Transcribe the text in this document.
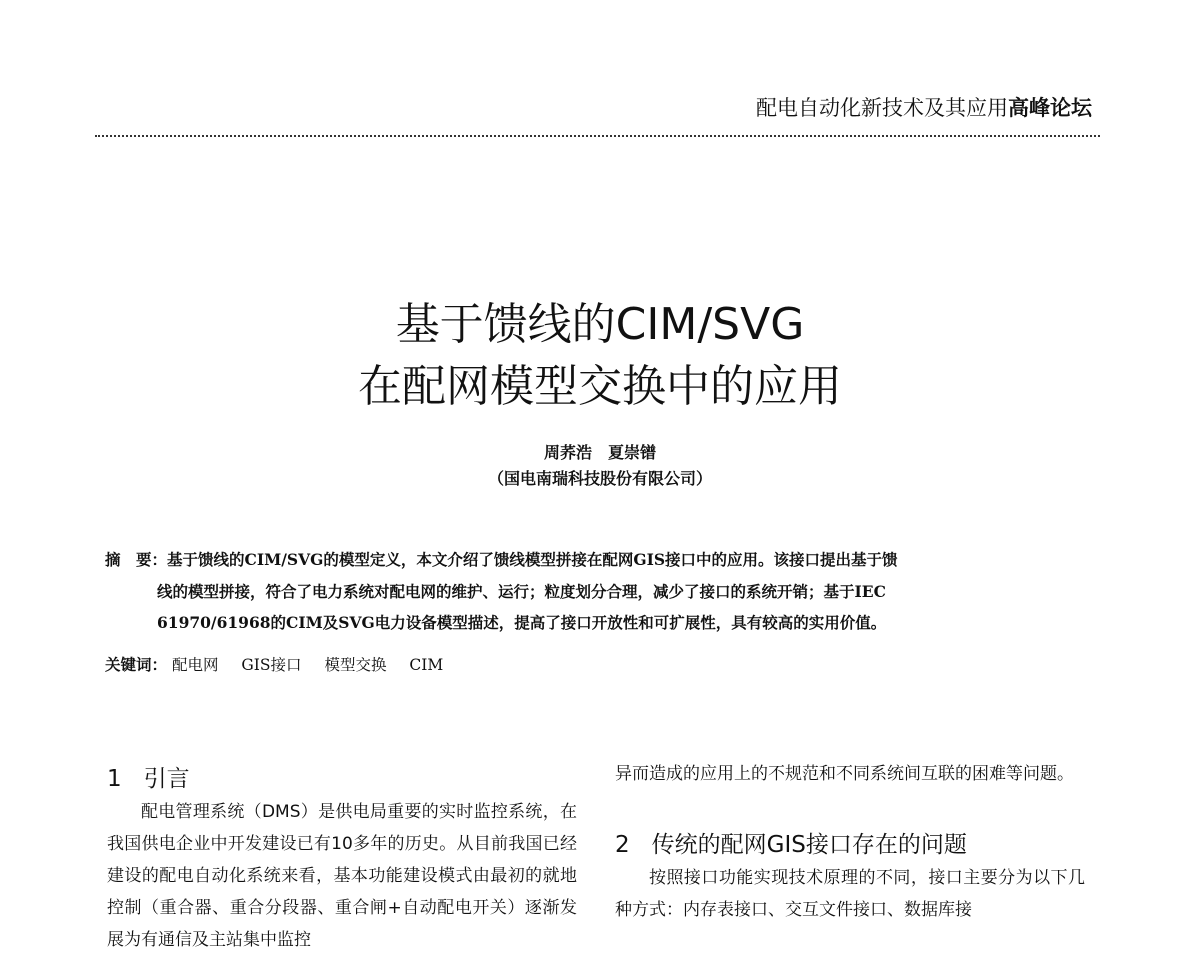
配电自动化新技术及其应用高峰论坛
基于馈线的CIM/SVG
在配网模型交换中的应用
周荞浩　夏崇镨
（国电南瑞科技股份有限公司）
摘　要：基于馈线的CIM/SVG的模型定义，本文介绍了馈线模型拼接在配网GIS接口中的应用。该接口提出基于馈
线的模型拼接，符合了电力系统对配电网的维护、运行；粒度划分合理，减少了接口的系统开销；基于IEC
61970/61968的CIM及SVG电力设备模型描述，提高了接口开放性和可扩展性，具有较高的实用价值。
关键词： 配电网 GIS接口 模型交换 CIM
1 引言
配电管理系统（DMS）是供电局重要的实时监控系统，在我国供电企业中开发建设已有10多年的历史。从目前我国已经建设的配电自动化系统来看，基本功能建设模式由最初的就地控制（重合器、重合分段器、重合闸+自动配电开关）逐渐发展为有通信及主站集中监控
异而造成的应用上的不规范和不同系统间互联的困难等问题。
2 传统的配网GIS接口存在的问题
按照接口功能实现技术原理的不同，接口主要分为以下几种方式：内存表接口、交互文件接口、数据库接
